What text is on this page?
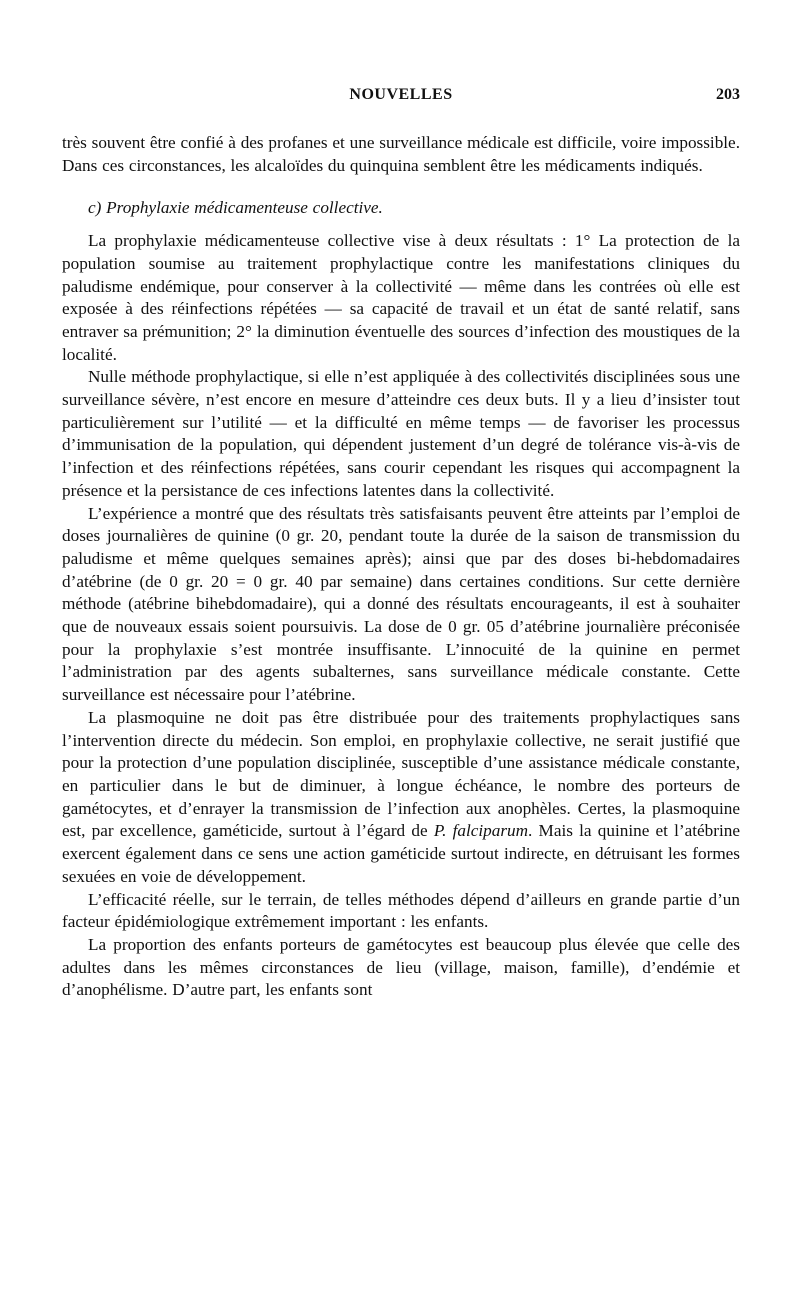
NOUVELLES	203

très souvent être confié à des profanes et une surveillance médicale est difficile, voire impossible. Dans ces circonstances, les alcaloïdes du quinquina semblent être les médicaments indiqués.

c) Prophylaxie médicamenteuse collective.

La prophylaxie médicamenteuse collective vise à deux résultats : 1° La protection de la population soumise au traitement prophylactique contre les manifestations cliniques du paludisme endémique, pour conserver à la collectivité — même dans les contrées où elle est exposée à des réinfections répétées — sa capacité de travail et un état de santé relatif, sans entraver sa prémunition; 2° la diminution éventuelle des sources d’infection des moustiques de la localité.

Nulle méthode prophylactique, si elle n’est appliquée à des collectivités disciplinées sous une surveillance sévère, n’est encore en mesure d’atteindre ces deux buts. Il y a lieu d’insister tout particulièrement sur l’utilité — et la difficulté en même temps — de favoriser les processus d’immunisation de la population, qui dépendent justement d’un degré de tolérance vis-à-vis de l’infection et des réinfections répétées, sans courir cependant les risques qui accompagnent la présence et la persistance de ces infections latentes dans la collectivité.

L’expérience a montré que des résultats très satisfaisants peuvent être atteints par l’emploi de doses journalières de quinine (0 gr. 20, pendant toute la durée de la saison de transmission du paludisme et même quelques semaines après); ainsi que par des doses bi-hebdomadaires d’atébrine (de 0 gr. 20 = 0 gr. 40 par semaine) dans certaines conditions. Sur cette dernière méthode (atébrine bihebdomadaire), qui a donné des résultats encourageants, il est à souhaiter que de nouveaux essais soient poursuivis. La dose de 0 gr. 05 d’atébrine journalière préconisée pour la prophylaxie s’est montrée insuffisante. L’innocuité de la quinine en permet l’administration par des agents subalternes, sans surveillance médicale constante. Cette surveillance est nécessaire pour l’atébrine.

La plasmoquine ne doit pas être distribuée pour des traitements prophylactiques sans l’intervention directe du médecin. Son emploi, en prophylaxie collective, ne serait justifié que pour la protection d’une population disciplinée, susceptible d’une assistance médicale constante, en particulier dans le but de diminuer, à longue échéance, le nombre des porteurs de gamétocytes, et d’enrayer la transmission de l’infection aux anophèles. Certes, la plasmoquine est, par excellence, gaméticide, surtout à l’égard de P. falciparum. Mais la quinine et l’atébrine exercent également dans ce sens une action gaméticide surtout indirecte, en détruisant les formes sexuées en voie de développement.

L’efficacité réelle, sur le terrain, de telles méthodes dépend d’ailleurs en grande partie d’un facteur épidémiologique extrêmement important : les enfants.

La proportion des enfants porteurs de gamétocytes est beaucoup plus élevée que celle des adultes dans les mêmes circonstances de lieu (village, maison, famille), d’endémie et d’anophélisme. D’autre part, les enfants sont
